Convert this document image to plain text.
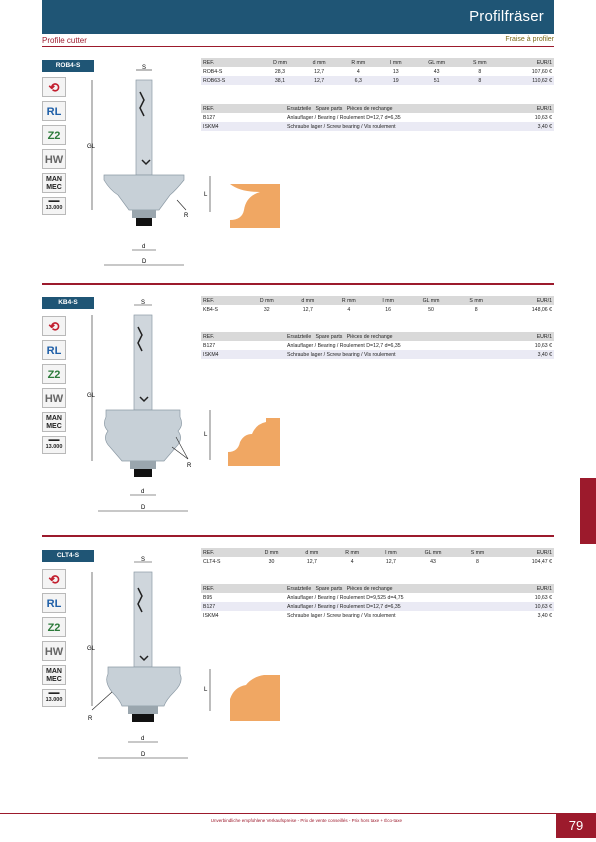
Profilfräser
Profile cutter	Fraise à profiler
ROB4-S
⟲
RL
Z2
HW
MAN
MEC
▬▬
13.000
S
GL
d
D
R
L
REF.	D mm	d mm	R mm	I mm	GL mm	S mm	EUR/1
ROB4-S	28,3	12,7	4	13	43	8	107,60 €
ROB63-S	38,1	12,7	6,3	19	51	8	110,62 €
REF.	Ersatzteile Spare parts Pièces de rechange	EUR/1
B127	Anlauflager / Bearing / Roulement D=12,7 d=6,35	10,63 €
ISKM4	Schraube lager / Screw bearing / Vis roulement	3,40 €
KB4-S
⟲
RL
Z2
HW
MAN
MEC
▬▬
13.000
S
GL
d
D
R
L
REF.	D mm	d mm	R mm	I mm	GL mm	S mm	EUR/1
KB4-S	32	12,7	4	16	50	8	148,06 €
REF.	Ersatzteile Spare parts Pièces de rechange	EUR/1
B127	Anlauflager / Bearing / Roulement D=12,7 d=6,35	10,63 €
ISKM4	Schraube lager / Screw bearing / Vis roulement	3,40 €
CLT4-S
⟲
RL
Z2
HW
MAN
MEC
▬▬
13.000
S
GL
d
D
R
L
REF.	D mm	d mm	R mm	I mm	GL mm	S mm	EUR/1
CLT4-S	30	12,7	4	12,7	43	8	104,47 €
REF.	Ersatzteile Spare parts Pièces de rechange	EUR/1
B95	Anlauflager / Bearing / Roulement D=9,525 d=4,75	10,63 €
B127	Anlauflager / Bearing / Roulement D=12,7 d=6,35	10,63 €
ISKM4	Schraube lager / Screw bearing / Vis roulement	3,40 €
Unverbindliche empfohlene Verkaufspreise - Prix de vente conseillés - Prix hors taxe + Éco-taxe	79
